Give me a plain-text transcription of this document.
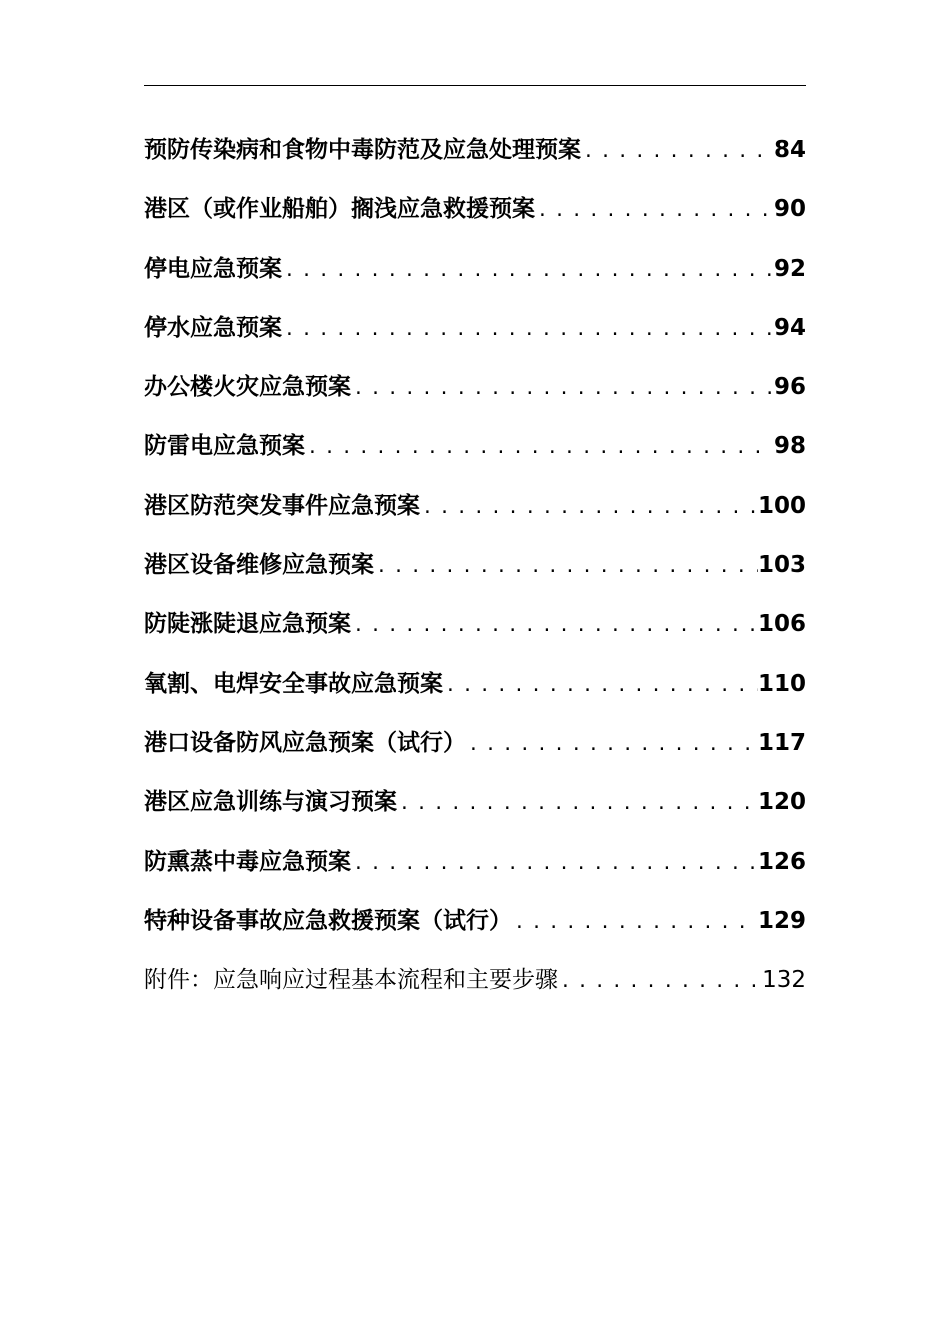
预防传染病和食物中毒防范及应急处理预案 .....	84
港区（或作业船舶）搁浅应急救援预案 .....	90
停电应急预案 .....	92
停水应急预案 .....	94
办公楼火灾应急预案 .....	96
防雷电应急预案 .....	98
港区防范突发事件应急预案 .....	100
港区设备维修应急预案 .....	103
防陡涨陡退应急预案 .....	106
氧割、电焊安全事故应急预案 .....	110
港口设备防风应急预案（试行） .....	117
港区应急训练与演习预案 .....	120
防熏蒸中毒应急预案 .....	126
特种设备事故应急救援预案（试行） .....	129
附件：应急响应过程基本流程和主要步骤 .....	132
